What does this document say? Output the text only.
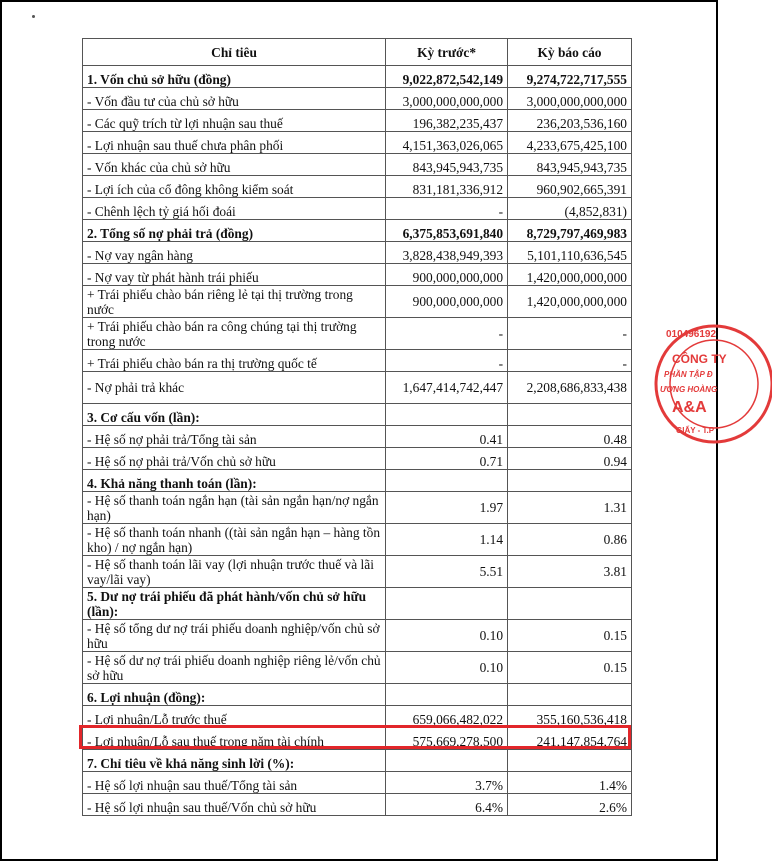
Chỉ tiêu	Kỳ trước*	Kỳ báo cáo
1. Vốn chủ sở hữu (đồng)	9,022,872,542,149	9,274,722,717,555
- Vốn đầu tư của chủ sở hữu	3,000,000,000,000	3,000,000,000,000
- Các quỹ trích từ lợi nhuận sau thuế	196,382,235,437	236,203,536,160
- Lợi nhuận sau thuế chưa phân phối	4,151,363,026,065	4,233,675,425,100
- Vốn khác của chủ sở hữu	843,945,943,735	843,945,943,735
- Lợi ích của cổ đông không kiểm soát	831,181,336,912	960,902,665,391
- Chênh lệch tỷ giá hối đoái	-	(4,852,831)
2. Tổng số nợ phải trả (đồng)	6,375,853,691,840	8,729,797,469,983
- Nợ vay ngân hàng	3,828,438,949,393	5,101,110,636,545
- Nợ vay từ phát hành trái phiếu	900,000,000,000	1,420,000,000,000
+ Trái phiếu chào bán riêng lẻ tại thị trường trong nước	900,000,000,000	1,420,000,000,000
+ Trái phiếu chào bán ra công chúng tại thị trường trong nước	-	-
+ Trái phiếu chào bán ra thị trường quốc tế	-	-
- Nợ phải trả khác	1,647,414,742,447	2,208,686,833,438
3. Cơ cấu vốn (lần):		
- Hệ số nợ phải trả/Tổng tài sản	0.41	0.48
- Hệ số nợ phải trả/Vốn chủ sở hữu	0.71	0.94
4. Khả năng thanh toán (lần):		
- Hệ số thanh toán ngắn hạn (tài sản ngắn hạn/nợ ngắn hạn)	1.97	1.31
- Hệ số thanh toán nhanh ((tài sản ngắn hạn – hàng tồn kho) / nợ ngắn hạn)	1.14	0.86
- Hệ số thanh toán lãi vay (lợi nhuận trước thuế và lãi vay/lãi vay)	5.51	3.81
5. Dư nợ trái phiếu đã phát hành/vốn chủ sở hữu (lần):		
- Hệ số tổng dư nợ trái phiếu doanh nghiệp/vốn chủ sở hữu	0.10	0.15
- Hệ số dư nợ trái phiếu doanh nghiệp riêng lẻ/vốn chủ sở hữu	0.10	0.15
6. Lợi nhuận (đồng):		
- Lợi nhuận/Lỗ trước thuế	659,066,482,022	355,160,536,418
- Lợi nhuận/Lỗ sau thuế trong năm tài chính	575,669,278,500	241,147,854,764
7. Chỉ tiêu về khả năng sinh lời (%):		
- Hệ số lợi nhuận sau thuế/Tổng tài sản	3.7%	1.4%
- Hệ số lợi nhuận sau thuế/Vốn chủ sở hữu	6.4%	2.6%
010496192
CÔNG TY
PHẦN TẬP Đ
ƯƠNG HOÀNG
A&A
GIẤY - T.P
